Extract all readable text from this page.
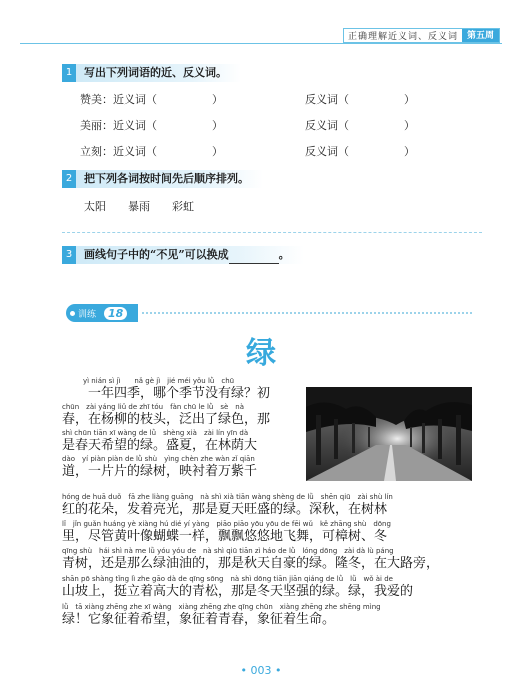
正确理解近义词、反义词	第五周
1	写出下列词语的近、反义词。
赞美：近义词（　　　　　）	反义词（　　　　　）
美丽：近义词（　　　　　）	反义词（　　　　　）
立刻：近义词（　　　　　）	反义词（　　　　　）
2	把下列各词按时间先后顺序排列。
太阳 暴雨 彩虹
3	画线句子中的“不见”可以换成	。
训练	18
绿
　　　yì nián sì jì　　nǎ gè jì　jié méi yǒu lǜ　chū
　　一年四季，哪个季节没有绿？初
chūn　zài yáng liǔ de zhī tóu　fàn chū le lǜ　sè　nà
春，在杨柳的枝头，泛出了绿色，那
shì chūn tiān xī wàng de lǜ　shèng xià　zài lín yīn dà
是春天希望的绿。盛夏，在林荫大
dào　yí piàn piàn de lǜ shù　yìng chèn zhe wàn zǐ qiān
道，一片片的绿树，映衬着万紫千
hóng de huā duǒ　fā zhe liàng guāng　nà shì xià tiān wàng shèng de lǜ　shēn qiū　zài shù lín
红的花朵，发着亮光，那是夏天旺盛的绿。深秋，在树林
lǐ　jǐn guǎn huáng yè xiàng hú dié yí yàng　piāo piāo yōu yōu de fēi wǔ　kě zhāng shù　dōng
里，尽管黄叶像蝴蝶一样，飘飘悠悠地飞舞，可樟树、冬
qīng shù　hái shì nà me lǜ yóu yóu de　nà shì qiū tiān zì háo de lǜ　lóng dōng　zài dà lù páng
青树，还是那么绿油油的，那是秋天自豪的绿。隆冬，在大路旁，
shān pō shàng tǐng lì zhe gāo dà de qīng sōng　nà shì dōng tiān jiān qiáng de lǜ　lǜ　wǒ ài de
山坡上，挺立着高大的青松，那是冬天坚强的绿。绿，我爱的
lǜ　tā xiàng zhēng zhe xī wàng　xiàng zhēng zhe qīng chūn　xiàng zhēng zhe shēng mìng
绿！它象征着希望，象征着青春，象征着生命。
• 003 •
